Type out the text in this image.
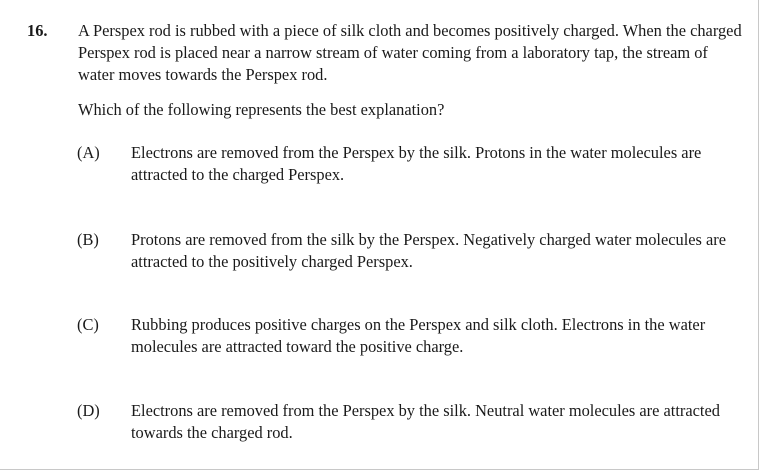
16. A Perspex rod is rubbed with a piece of silk cloth and becomes positively charged. When the charged Perspex rod is placed near a narrow stream of water coming from a laboratory tap, the stream of water moves towards the Perspex rod.

Which of the following represents the best explanation?

(A) Electrons are removed from the Perspex by the silk. Protons in the water molecules are attracted to the charged Perspex.

(B) Protons are removed from the silk by the Perspex. Negatively charged water molecules are attracted to the positively charged Perspex.

(C) Rubbing produces positive charges on the Perspex and silk cloth. Electrons in the water molecules are attracted toward the positive charge.

(D) Electrons are removed from the Perspex by the silk. Neutral water molecules are attracted towards the charged rod.
